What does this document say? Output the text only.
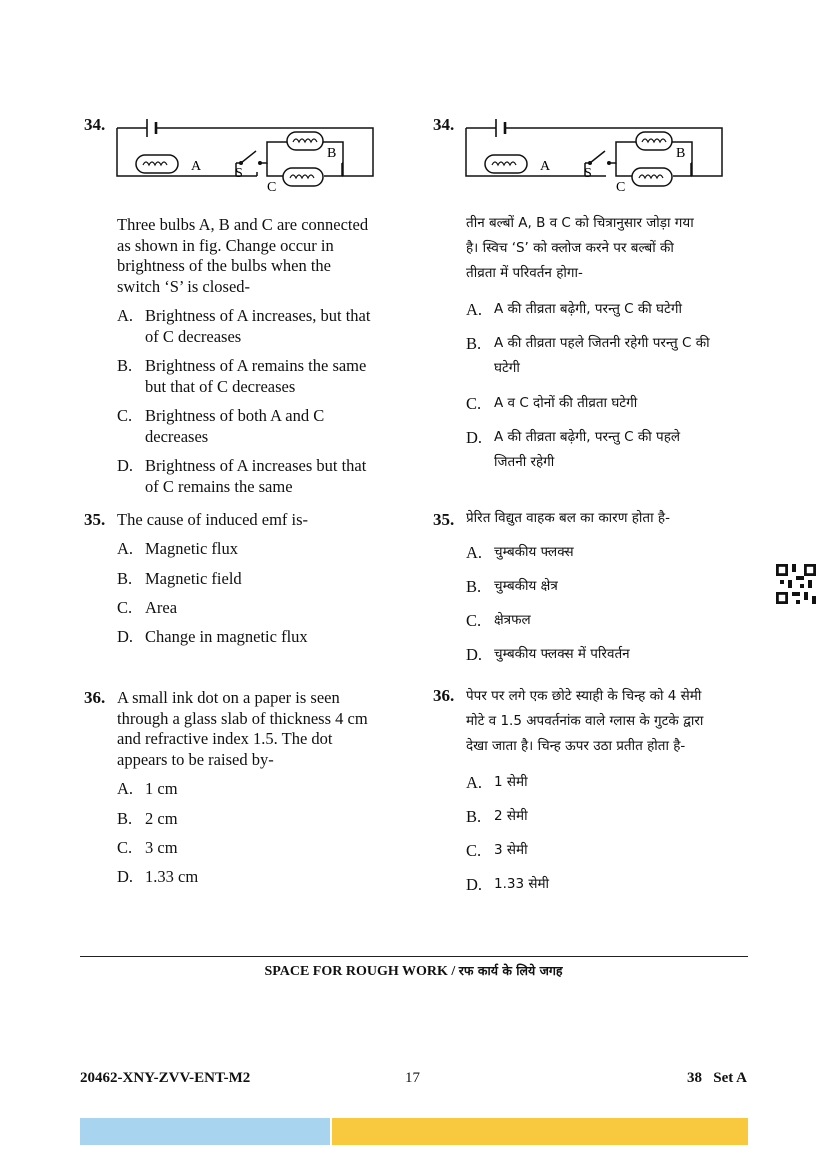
34.
A
B
C
S

Three bulbs A, B and C are connected
as shown in fig. Change occur in
brightness of the bulbs when the
switch ‘S’ is closed-

A. Brightness of A increases, but that
of C decreases
B. Brightness of A remains the same
but that of C decreases
C. Brightness of both A and C
decreases
D. Brightness of A increases but that
of C remains the same
35. The cause of induced emf is-

A. Magnetic flux
B. Magnetic field
C. Area
D. Change in magnetic flux
36. A small ink dot on a paper is seen
through a glass slab of thickness 4 cm
and refractive index 1.5. The dot
appears to be raised by-

A. 1 cm
B. 2 cm
C. 3 cm
D. 1.33 cm
34.
A
B
C
S

तीन बल्बों A, B व C को चित्रानुसार जोड़ा गया
है। स्विच ‘S’ को क्लोज करने पर बल्बों की
तीव्रता में परिवर्तन होगा-

A. A की तीव्रता बढ़ेगी, परन्तु C की घटेगी
B. A की तीव्रता पहले जितनी रहेगी परन्तु C की
घटेगी
C. A व C दोनों की तीव्रता घटेगी
D. A की तीव्रता बढ़ेगी, परन्तु C की पहले
जितनी रहेगी
35. प्रेरित विद्युत वाहक बल का कारण होता है-

A. चुम्बकीय फ्लक्स
B. चुम्बकीय क्षेत्र
C. क्षेत्रफल
D. चुम्बकीय फ्लक्स में परिवर्तन
36. पेपर पर लगे एक छोटे स्याही के चिन्ह को 4 सेमी
मोटे व 1.5 अपवर्तनांक वाले ग्लास के गुटके द्वारा
देखा जाता है। चिन्ह ऊपर उठा प्रतीत होता है-

A. 1 सेमी
B. 2 सेमी
C. 3 सेमी
D. 1.33 सेमी
SPACE FOR ROUGH WORK / रफ कार्य के लिये जगह
20462-XNY-ZVV-ENT-M2	17	38   Set A
